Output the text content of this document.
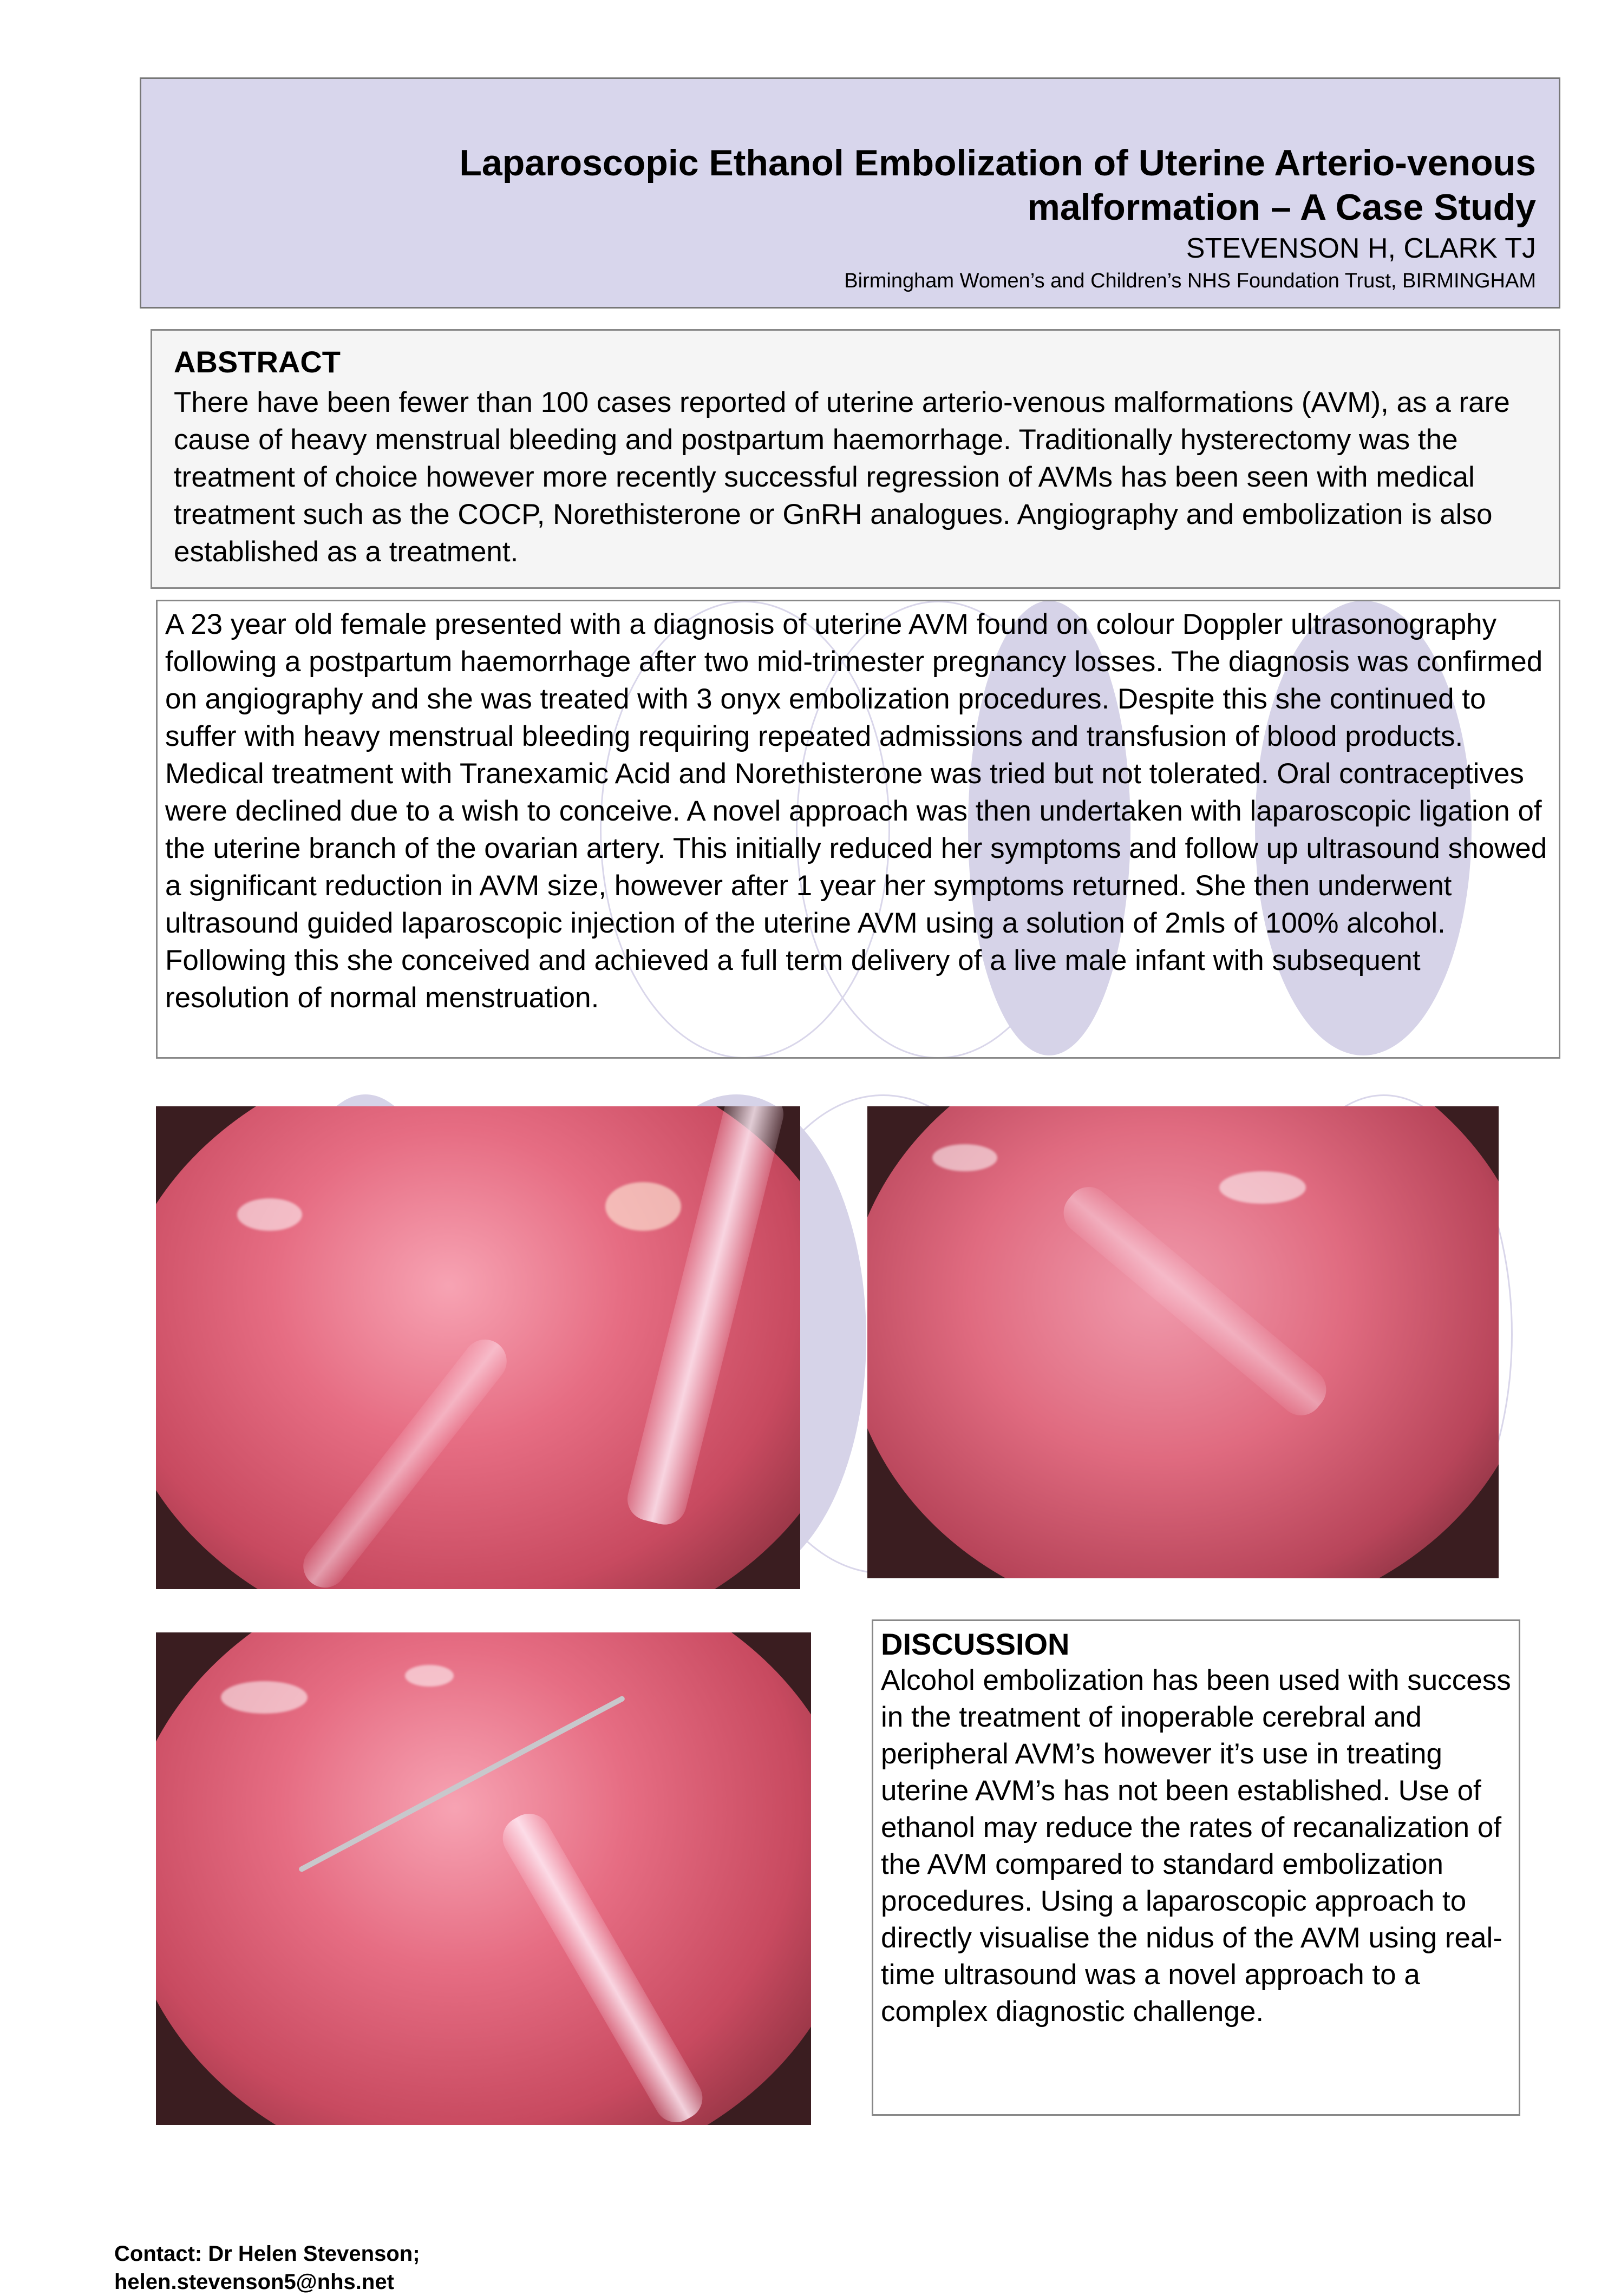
Laparoscopic Ethanol Embolization of Uterine Arterio-venous malformation – A Case Study
STEVENSON H, CLARK TJ
Birmingham Women’s and Children’s NHS Foundation Trust, BIRMINGHAM
ABSTRACT
There have been fewer than 100 cases reported of uterine arterio-venous malformations (AVM), as a rare cause of heavy menstrual bleeding and postpartum haemorrhage. Traditionally hysterectomy was the treatment of choice however more recently successful regression of AVMs has been seen with medical treatment such as the COCP, Norethisterone or GnRH analogues. Angiography and embolization is also established as a treatment.

A 23 year old female presented with a diagnosis of uterine AVM found on colour Doppler ultrasonography following a postpartum haemorrhage after two mid-trimester pregnancy losses. The diagnosis was confirmed on angiography and she was treated with 3 onyx embolization procedures. Despite this she continued to suffer with heavy menstrual bleeding requiring repeated admissions and transfusion of blood products. Medical treatment with Tranexamic Acid and Norethisterone was tried but not tolerated. Oral contraceptives were declined due to a wish to conceive. A novel approach was then undertaken with laparoscopic ligation of the uterine branch of the ovarian artery. This initially reduced her symptoms and follow up ultrasound showed a significant reduction in AVM size, however after 1 year her symptoms returned. She then underwent ultrasound guided laparoscopic injection of the uterine AVM using a solution of 2mls of 100% alcohol.

Following this she conceived and achieved a full term delivery of a live male infant with subsequent resolution of normal menstruation.

DISCUSSION
Alcohol embolization has been used with success in the treatment of inoperable cerebral and peripheral AVM’s however it’s use in treating uterine AVM’s has not been established. Use of ethanol may reduce the rates of recanalization of the AVM compared to standard embolization procedures. Using a laparoscopic approach to directly visualise the nidus of the AVM using real-time ultrasound was a novel approach to a complex diagnostic challenge.
Contact: Dr Helen Stevenson;
helen.stevenson5@nhs.net
